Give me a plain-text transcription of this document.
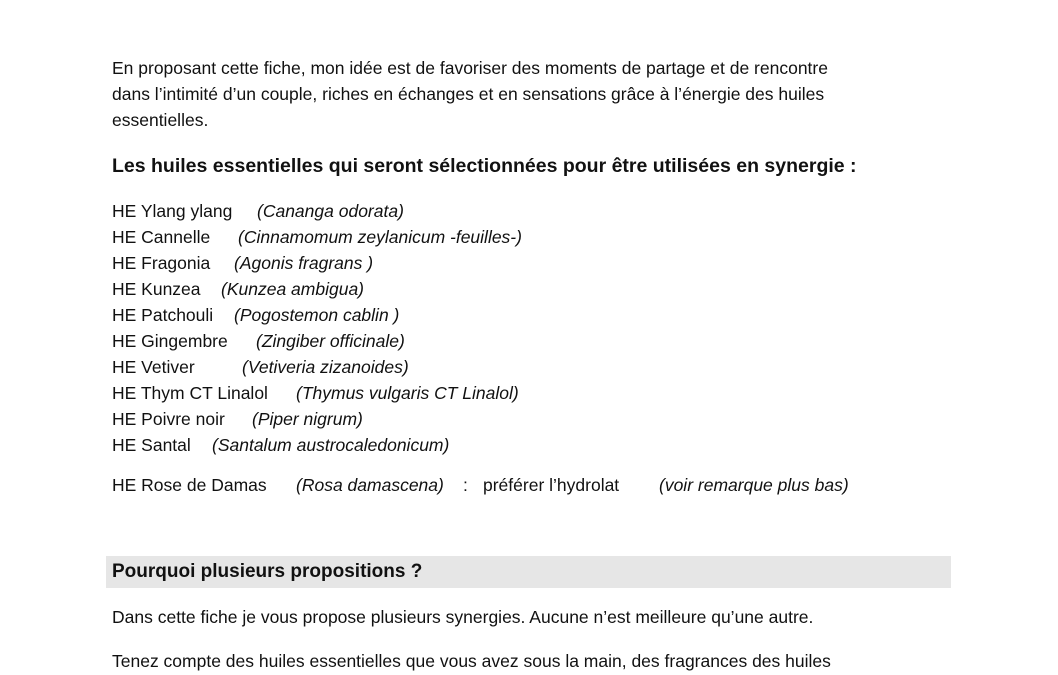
En proposant cette fiche, mon idée est de favoriser des moments de partage et de rencontre
dans l’intimité d’un couple, riches en échanges et en sensations grâce à l’énergie des huiles
essentielles.
Les huiles essentielles qui seront sélectionnées pour être utilisées en synergie :
HE Ylang ylang (Cananga odorata)
HE Cannelle (Cinnamomum zeylanicum -feuilles-)
HE Fragonia (Agonis fragrans )
HE Kunzea (Kunzea ambigua)
HE Patchouli (Pogostemon cablin )
HE Gingembre (Zingiber officinale)
HE Vetiver	(Vetiveria zizanoides)
HE Thym CT Linalol (Thymus vulgaris CT Linalol)
HE Poivre noir (Piper nigrum)
HE Santal (Santalum austrocaledonicum)
HE Rose de Damas (Rosa damascena) : préférer l’hydrolat (voir remarque plus bas)
Pourquoi plusieurs propositions ?
Dans cette fiche je vous propose plusieurs synergies. Aucune n’est meilleure qu’une autre.
Tenez compte des huiles essentielles que vous avez sous la main, des fragrances des huiles
